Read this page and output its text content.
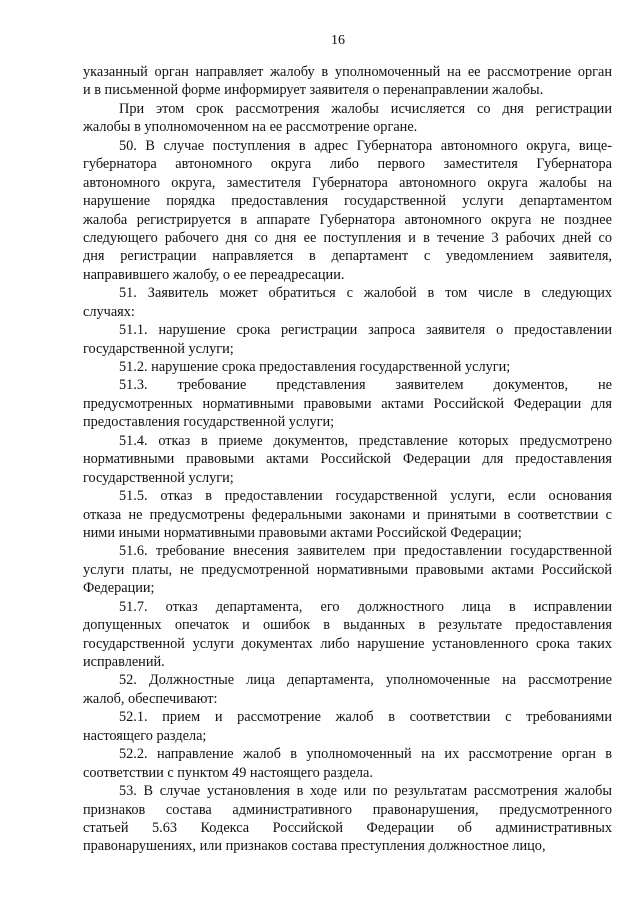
16
указанный орган направляет жалобу в уполномоченный на ее рассмотрение орган
и в письменной форме информирует заявителя о перенаправлении жалобы.
При этом срок рассмотрения жалобы исчисляется со дня регистрации
жалобы в уполномоченном на ее рассмотрение органе.
50. В случае поступления в адрес Губернатора автономного округа, вице-
губернатора автономного округа либо первого заместителя Губернатора
автономного округа, заместителя Губернатора автономного округа жалобы на
нарушение порядка предоставления государственной услуги департаментом
жалоба регистрируется в аппарате Губернатора автономного округа не позднее
следующего рабочего дня со дня ее поступления и в течение 3 рабочих дней со
дня регистрации направляется в департамент с уведомлением заявителя,
направившего жалобу, о ее переадресации.
51. Заявитель может обратиться с жалобой в том числе в следующих
случаях:
51.1. нарушение срока регистрации запроса заявителя о предоставлении
государственной услуги;
51.2. нарушение срока предоставления государственной услуги;
51.3. требование представления заявителем документов, не
предусмотренных нормативными правовыми актами Российской Федерации для
предоставления государственной услуги;
51.4. отказ в приеме документов, представление которых предусмотрено
нормативными правовыми актами Российской Федерации для предоставления
государственной услуги;
51.5. отказ в предоставлении государственной услуги, если основания
отказа не предусмотрены федеральными законами и принятыми в соответствии с
ними иными нормативными правовыми актами Российской Федерации;
51.6. требование внесения заявителем при предоставлении государственной
услуги платы, не предусмотренной нормативными правовыми актами Российской
Федерации;
51.7. отказ департамента, его должностного лица в исправлении
допущенных опечаток и ошибок в выданных в результате предоставления
государственной услуги документах либо нарушение установленного срока таких
исправлений.
52. Должностные лица департамента, уполномоченные на рассмотрение
жалоб, обеспечивают:
52.1. прием и рассмотрение жалоб в соответствии с требованиями
настоящего раздела;
52.2. направление жалоб в уполномоченный на их рассмотрение орган в
соответствии с пунктом 49 настоящего раздела.
53. В случае установления в ходе или по результатам рассмотрения жалобы
признаков состава административного правонарушения, предусмотренного
статьей 5.63 Кодекса Российской Федерации об административных
правонарушениях, или признаков состава преступления должностное лицо,
